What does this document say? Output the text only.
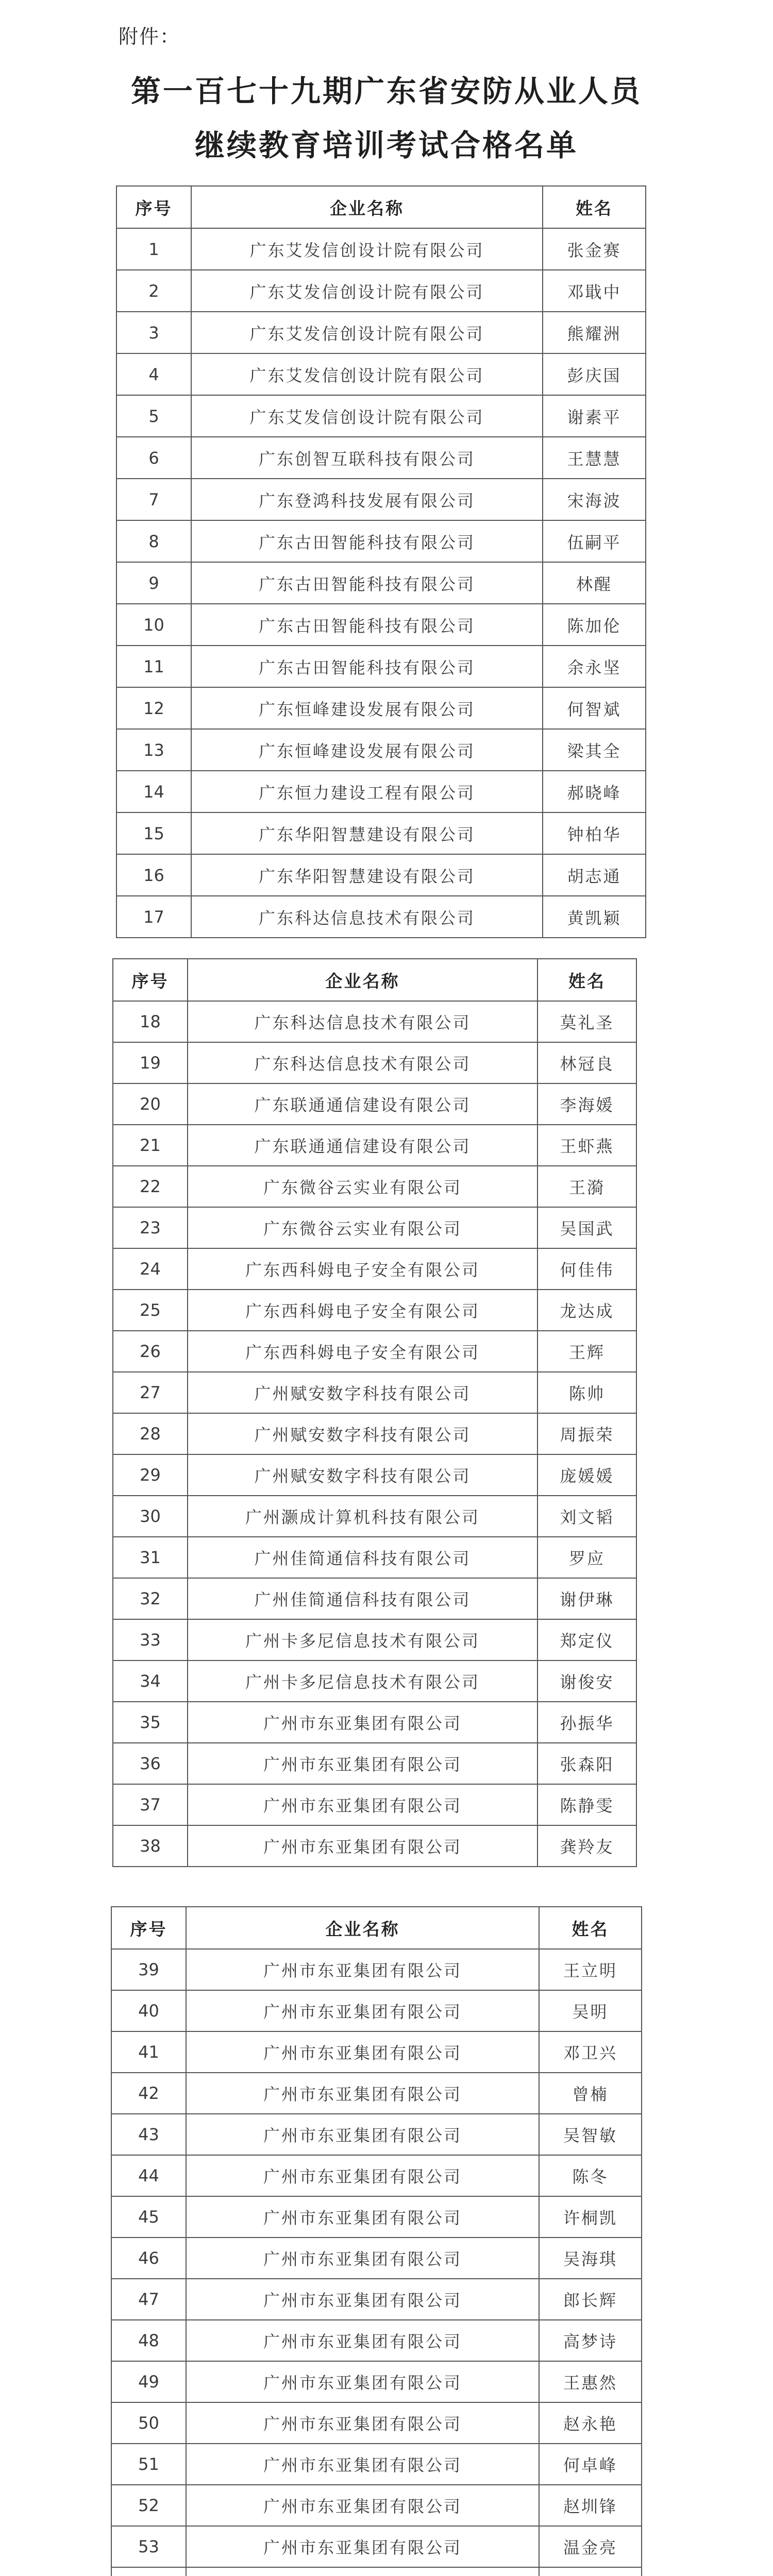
附件：
第一百七十九期广东省安防从业人员
继续教育培训考试合格名单
序号	企业名称	姓名
1	广东艾发信创设计院有限公司	张金赛
2	广东艾发信创设计院有限公司	邓戢中
3	广东艾发信创设计院有限公司	熊耀洲
4	广东艾发信创设计院有限公司	彭庆国
5	广东艾发信创设计院有限公司	谢素平
6	广东创智互联科技有限公司	王慧慧
7	广东登鸿科技发展有限公司	宋海波
8	广东古田智能科技有限公司	伍嗣平
9	广东古田智能科技有限公司	林醒
10	广东古田智能科技有限公司	陈加伦
11	广东古田智能科技有限公司	余永坚
12	广东恒峰建设发展有限公司	何智斌
13	广东恒峰建设发展有限公司	梁其全
14	广东恒力建设工程有限公司	郝晓峰
15	广东华阳智慧建设有限公司	钟柏华
16	广东华阳智慧建设有限公司	胡志通
17	广东科达信息技术有限公司	黄凯颖
序号	企业名称	姓名
18	广东科达信息技术有限公司	莫礼圣
19	广东科达信息技术有限公司	林冠良
20	广东联通通信建设有限公司	李海媛
21	广东联通通信建设有限公司	王虾燕
22	广东微谷云实业有限公司	王漪
23	广东微谷云实业有限公司	吴国武
24	广东西科姆电子安全有限公司	何佳伟
25	广东西科姆电子安全有限公司	龙达成
26	广东西科姆电子安全有限公司	王辉
27	广州赋安数字科技有限公司	陈帅
28	广州赋安数字科技有限公司	周振荣
29	广州赋安数字科技有限公司	庞媛媛
30	广州灏成计算机科技有限公司	刘文韬
31	广州佳简通信科技有限公司	罗应
32	广州佳简通信科技有限公司	谢伊琳
33	广州卡多尼信息技术有限公司	郑定仪
34	广州卡多尼信息技术有限公司	谢俊安
35	广州市东亚集团有限公司	孙振华
36	广州市东亚集团有限公司	张森阳
37	广州市东亚集团有限公司	陈静雯
38	广州市东亚集团有限公司	龚羚友
序号	企业名称	姓名
39	广州市东亚集团有限公司	王立明
40	广州市东亚集团有限公司	吴明
41	广州市东亚集团有限公司	邓卫兴
42	广州市东亚集团有限公司	曾楠
43	广州市东亚集团有限公司	吴智敏
44	广州市东亚集团有限公司	陈冬
45	广州市东亚集团有限公司	许桐凯
46	广州市东亚集团有限公司	吴海琪
47	广州市东亚集团有限公司	郎长辉
48	广州市东亚集团有限公司	高梦诗
49	广州市东亚集团有限公司	王惠然
50	广州市东亚集团有限公司	赵永艳
51	广州市东亚集团有限公司	何卓峰
52	广州市东亚集团有限公司	赵圳锋
53	广州市东亚集团有限公司	温金亮
